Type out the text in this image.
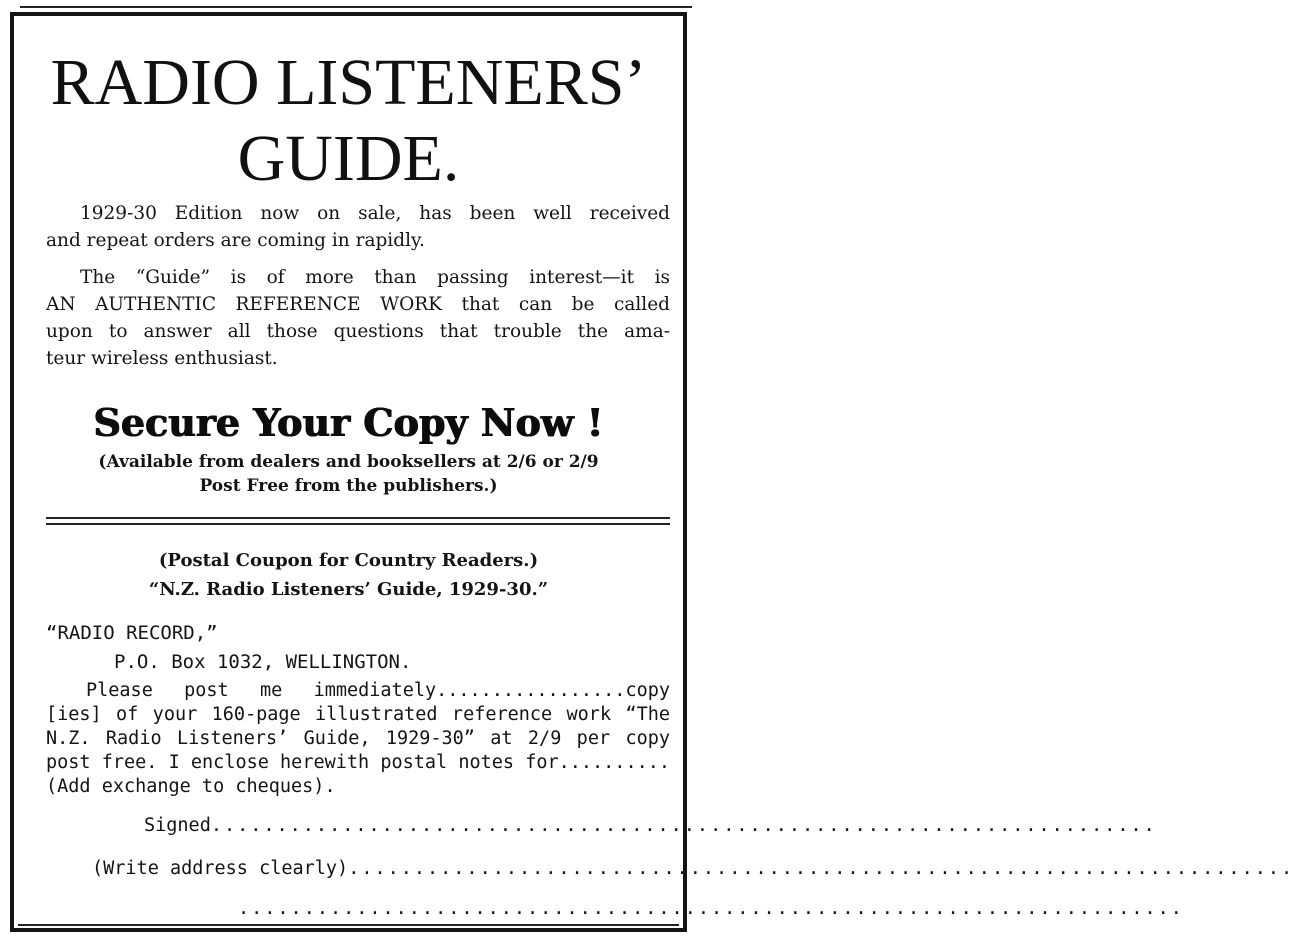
RADIO LISTENERS’
GUIDE.
1929-30 Edition now on sale, has been well received
and repeat orders are coming in rapidly.
The “Guide” is of more than passing interest—it is
AN AUTHENTIC REFERENCE WORK that can be called
upon to answer all those questions that trouble the ama-
teur wireless enthusiast.
Secure Your Copy Now !
(Available from dealers and booksellers at 2/6 or 2/9
Post Free from the publishers.)
(Postal Coupon for Country Readers.)
“N.Z. Radio Listeners’ Guide, 1929-30.”
“RADIO RECORD,”
P.O. Box 1032, WELLINGTON.
Please post me immediately.................copy
[ies] of your 160-page illustrated reference work “The
N.Z. Radio Listeners’ Guide, 1929-30” at 2/9 per copy
post free. I enclose herewith postal notes for..........
(Add exchange to cheques).
Signed ........................................................................
(Write address clearly) ........................................................................
........................................................................
